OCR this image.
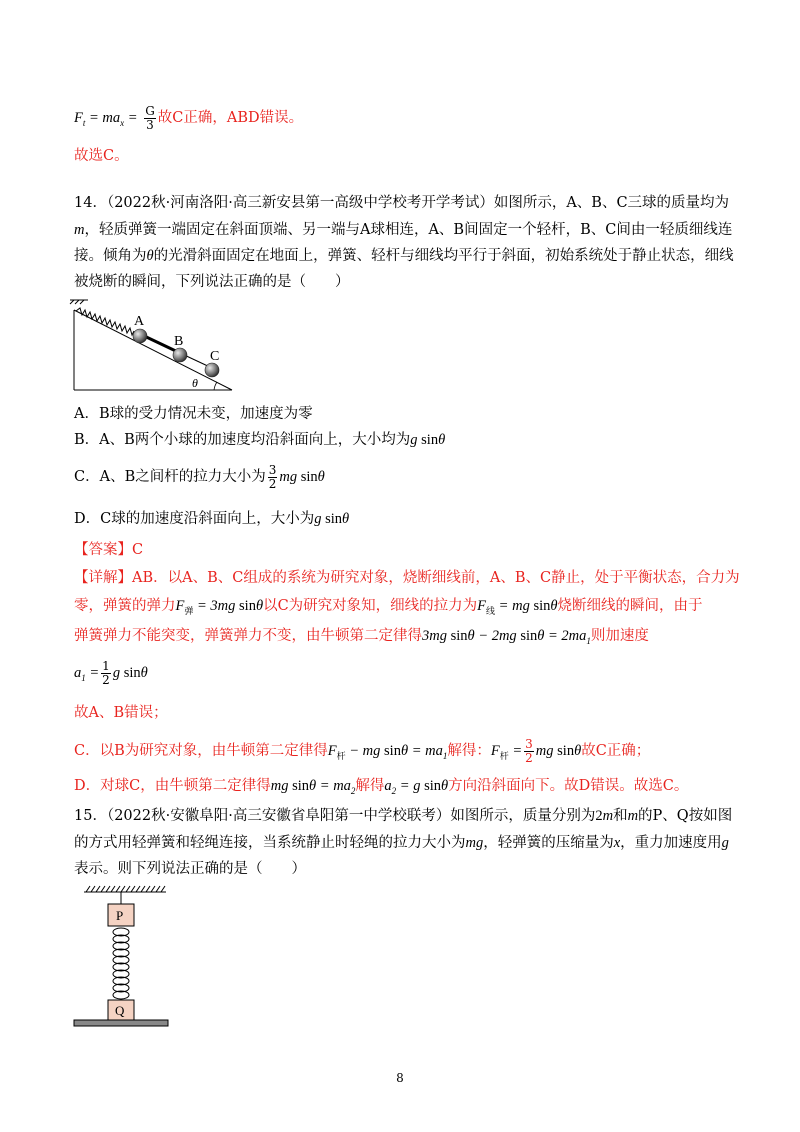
$F_t = ma_x = \frac{G}{3}$ 故C正确，ABD错误。
故选C。
14．（2022秋·河南洛阳·高三新安县第一高级中学校考开学考试）如图所示，A、B、C三球的质量均为
m，轻质弹簧一端固定在斜面顶端、另一端与A球相连，A、B间固定一个轻杆，B、C间由一轻质细线连
接。倾角为θ的光滑斜面固定在地面上，弹簧、轻杆与细线均平行于斜面，初始系统处于静止状态，细线
被烧断的瞬间，下列说法正确的是（　　）
A
B
C
θ
A．B球的受力情况未变，加速度为零
B．A、B两个小球的加速度均沿斜面向上，大小均为g sinθ
C．A、B之间杆的拉力大小为 $\frac{3}{2}$ mg sinθ
D．C球的加速度沿斜面向上，大小为g sinθ
【答案】C
【详解】AB．以A、B、C组成的系统为研究对象，烧断细线前，A、B、C静止，处于平衡状态，合力为
零，弹簧的弹力$F_弹 = 3mg$ sinθ以C为研究对象知，细线的拉力为$F_线$ = mg sinθ烧断细线的瞬间，由于
弹簧弹力不能突变，弹簧弹力不变，由牛顿第二定律得3mg sinθ − 2mg $\sin\theta = 2ma_1$则加速度
$a_1 = \frac{1}{2}$ g sinθ
故A、B错误；
C．以B为研究对象，由牛顿第二定律得$F_杆$ − mg $\sin\theta = ma_1$解得：$F_杆 = \frac{3}{2}$ mg sinθ故C正确；
D．对球C，由牛顿第二定律得mg $\sin\theta = ma_2$解得$a_2 = g$ sinθ方向沿斜面向下。故D错误。故选C。
15．（2022秋·安徽阜阳·高三安徽省阜阳第一中学校联考）如图所示，质量分别为2m和m的P、Q按如图
的方式用轻弹簧和轻绳连接，当系统静止时轻绳的拉力大小为mg，轻弹簧的压缩量为x，重力加速度用g
表示。则下列说法正确的是（　　）
P
Q
8
